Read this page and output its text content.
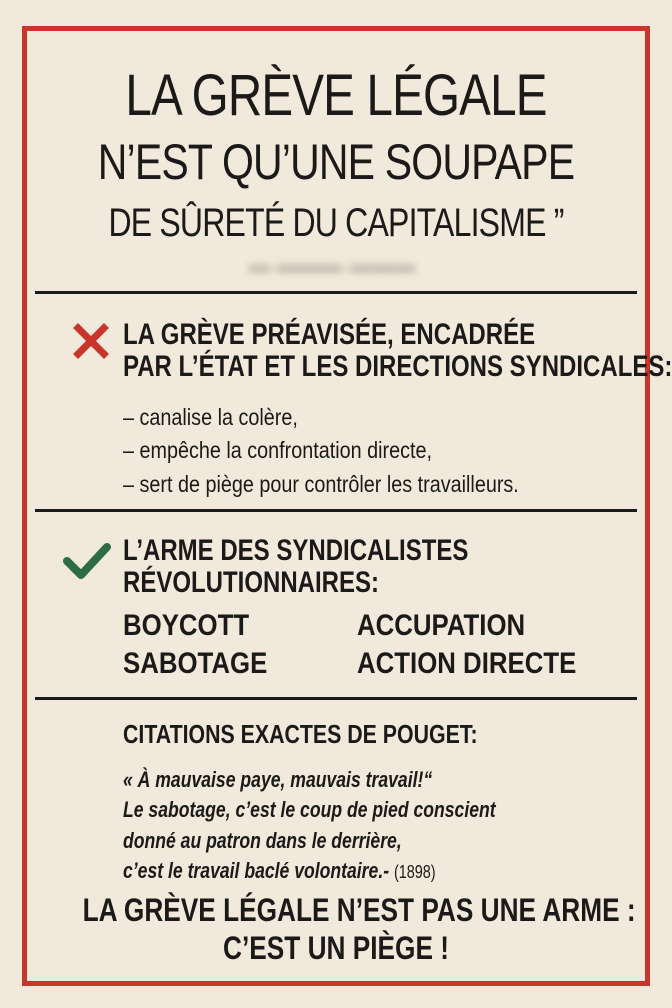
LA GRÈVE LÉGALE
N’EST QU’UNE SOUPAPE
DE SÛRETÉ DU CAPITALISME ”
▬ ▬▬▬ ▬▬▬
LA GRÈVE PRÉAVISÉE, ENCADRÉE
PAR L’ÉTAT ET LES DIRECTIONS SYNDICALES:
– canalise la colère,
– empêche la confrontation directe,
– sert de piège pour contrôler les travailleurs.
L’ARME DES SYNDICALISTES
RÉVOLUTIONNAIRES:
BOYCOTT	ACCUPATION
SABOTAGE	ACTION DIRECTE
CITATIONS EXACTES DE POUGET:
« À mauvaise paye, mauvais travail!“
Le sabotage, c’est le coup de pied conscient
donné au patron dans le derrière,
c’est le travail baclé volontaire.- (1898)
LA GRÈVE LÉGALE N’EST PAS UNE ARME :
C’EST UN PIÈGE !
